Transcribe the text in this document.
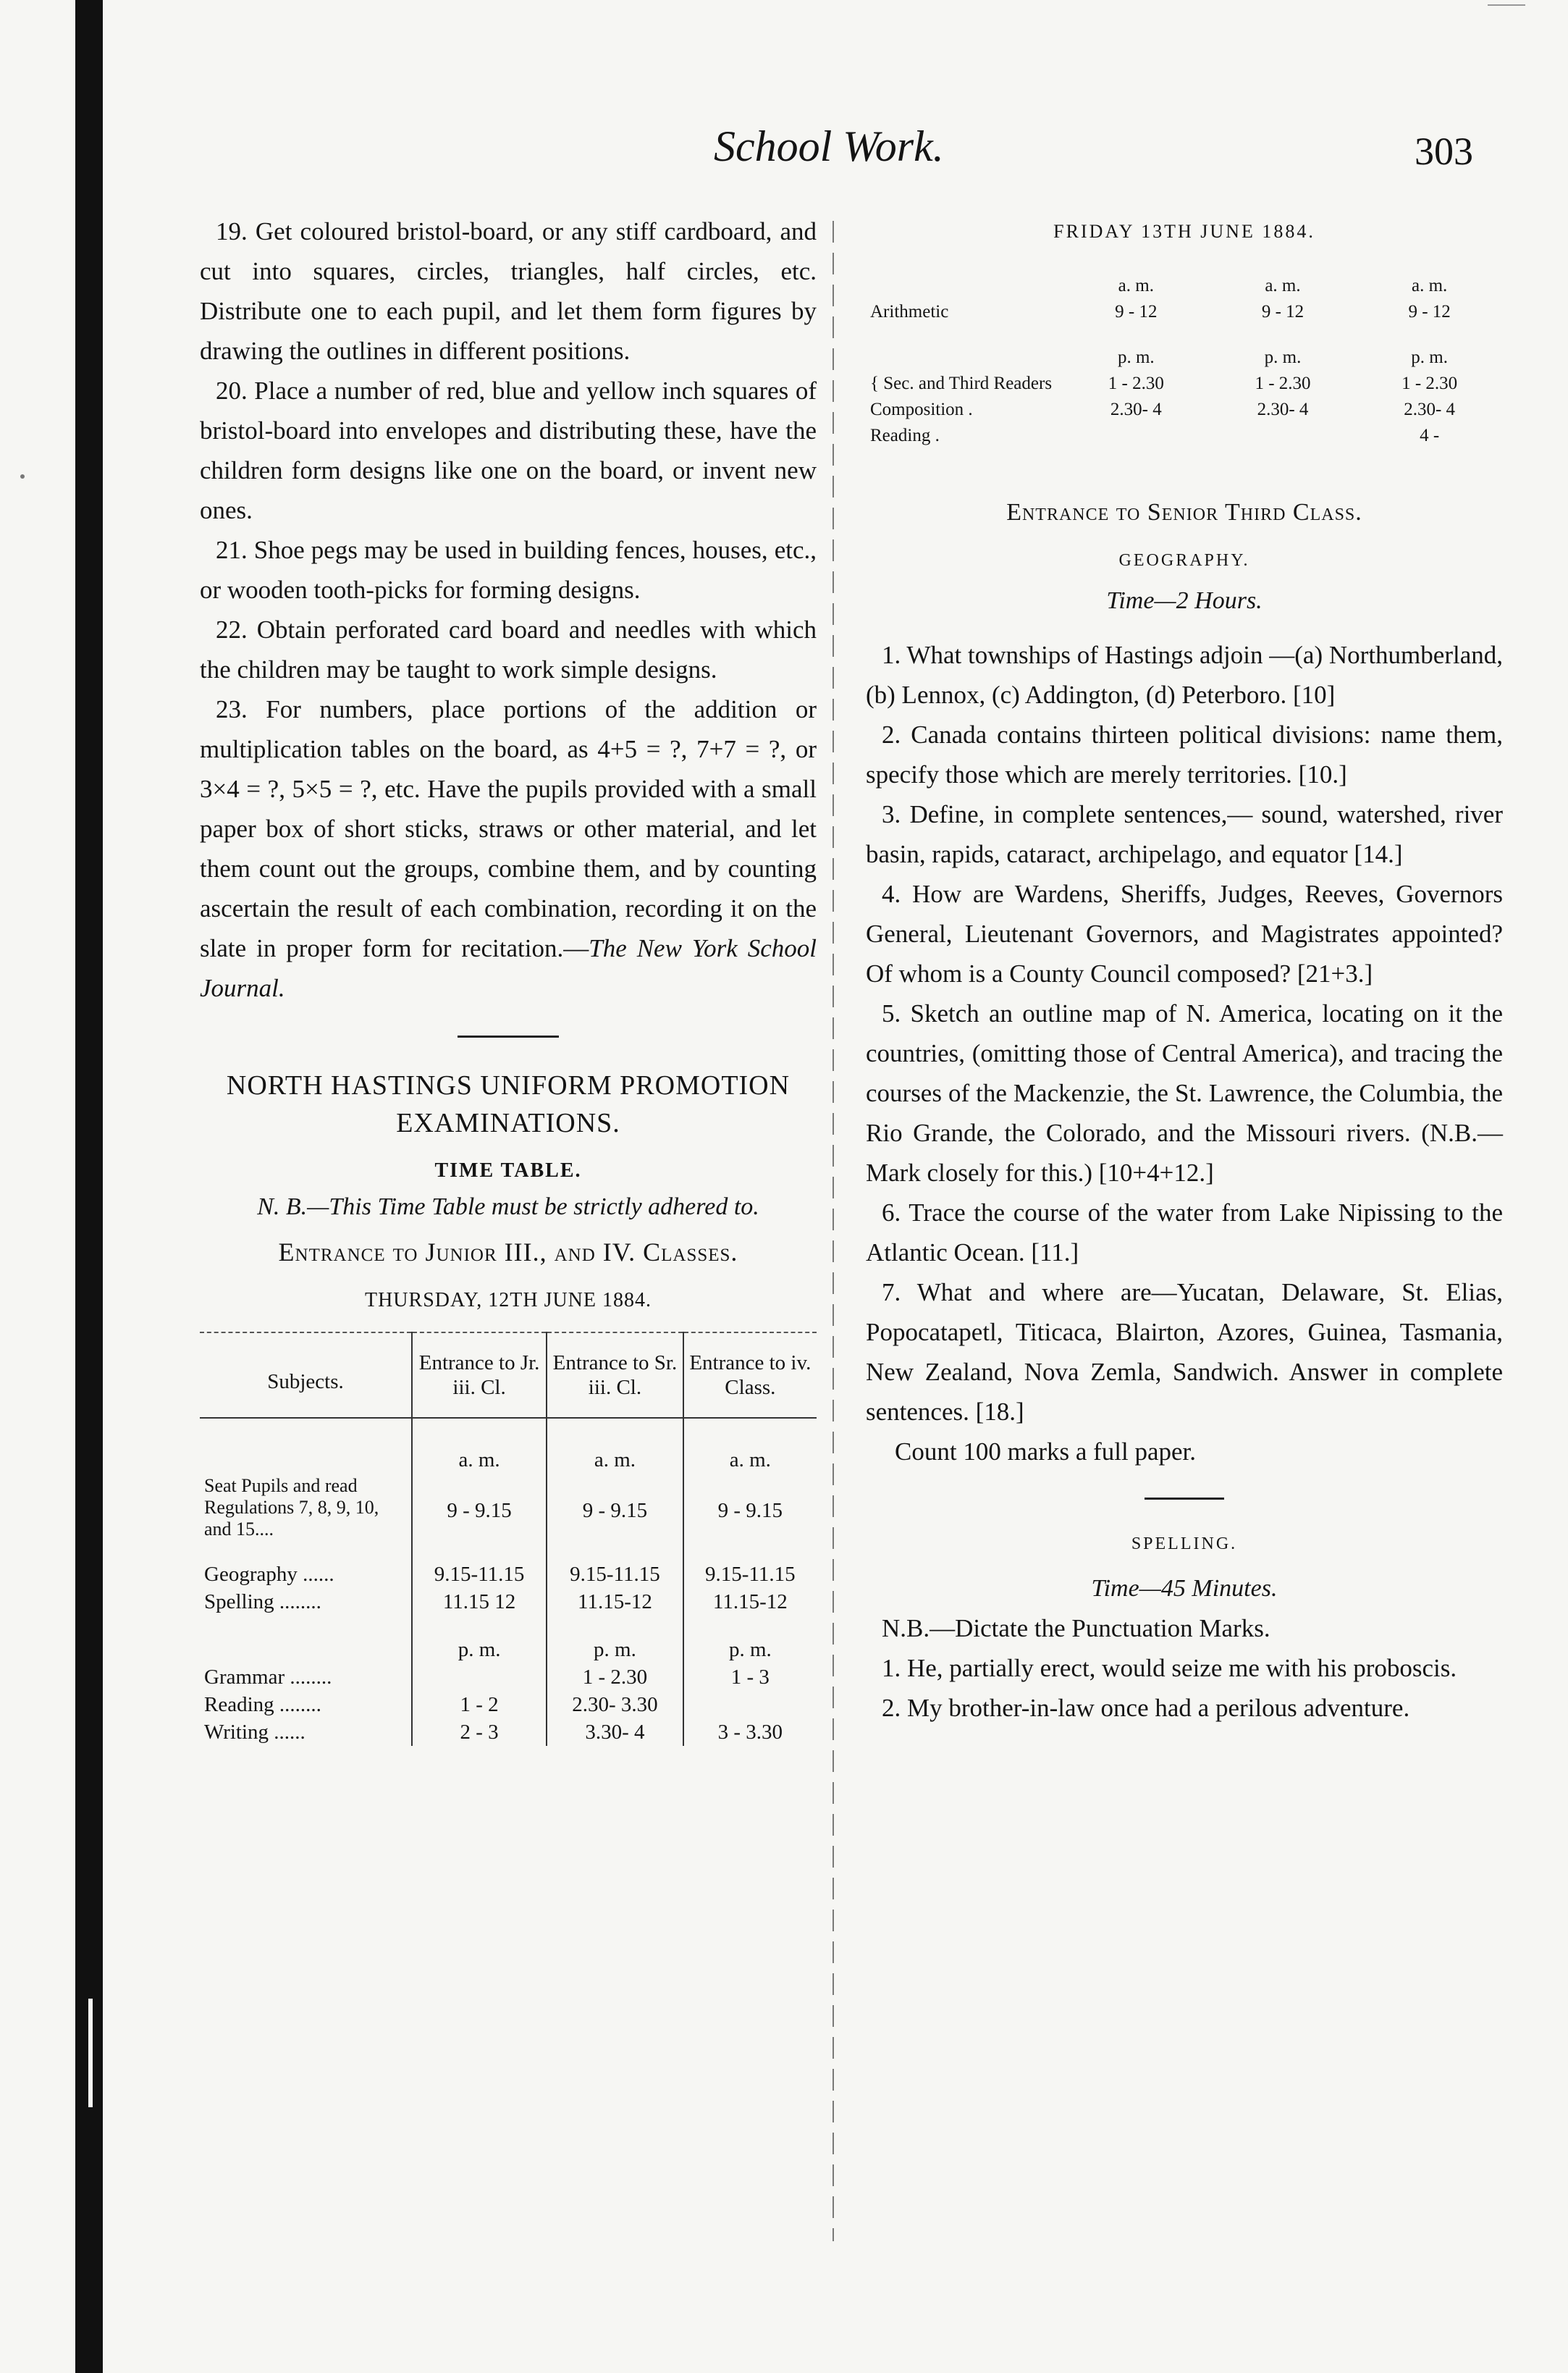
School Work.	303

19. Get coloured bristol-board, or any stiff cardboard, and cut into squares, circles, triangles, half circles, etc. Distribute one to each pupil, and let them form figures by drawing the outlines in different positions.

20. Place a number of red, blue and yellow inch squares of bristol-board into envelopes and distributing these, have the children form designs like one on the board, or invent new ones.

21. Shoe pegs may be used in building fences, houses, etc., or wooden tooth-picks for forming designs.

22. Obtain perforated card board and needles with which the children may be taught to work simple designs.

23. For numbers, place portions of the addition or multiplication tables on the board, as 4+5 = ?, 7+7 = ?, or 3×4 = ?, 5×5 = ?, etc. Have the pupils provided with a small paper box of short sticks, straws or other material, and let them count out the groups, combine them, and by counting ascertain the result of each combination, recording it on the slate in proper form for recitation.—The New York School Journal.

NORTH HASTINGS UNIFORM PROMOTION EXAMINATIONS.

TIME TABLE.

N. B.—This Time Table must be strictly adhered to.

Entrance to Junior III., and IV. Classes.

THURSDAY, 12TH JUNE 1884.

Subjects.	Entrance to Jr. iii. Cl.	Entrance to Sr. iii. Cl.	Entrance to iv. Class.
	a. m.	a. m.	a. m.
Seat Pupils and read Regulations 7, 8, 9, 10, and 15....	9 - 9.15	9 - 9.15	9 - 9.15
Geography ......	9.15-11.15	9.15-11.15	9.15-11.15
Spelling ........	11.15 12	11.15-12	11.15-12
	p. m.	p. m.	p. m.
Grammar ........		1 - 2.30	1 - 3
Reading ........	1 - 2	2.30- 3.30	
Writing ......	2 - 3	3.30- 4	3 - 3.30

FRIDAY 13TH JUNE 1884.

	a. m.	a. m.	a. m.
Arithmetic	9 - 12	9 - 12	9 - 12
	p. m.	p. m.	p. m.
{ Sec. and Third Readers	1 - 2.30	1 - 2.30	1 - 2.30
Composition .	2.30- 4	2.30- 4	2.30- 4
Reading .			4 -

Entrance to Senior Third Class.

GEOGRAPHY.

Time—2 Hours.

1. What townships of Hastings adjoin —(a) Northumberland, (b) Lennox, (c) Addington, (d) Peterboro. [10]

2. Canada contains thirteen political divisions: name them, specify those which are merely territories. [10.]

3. Define, in complete sentences,— sound, watershed, river basin, rapids, cataract, archipelago, and equator [14.]

4. How are Wardens, Sheriffs, Judges, Reeves, Governors General, Lieutenant Governors, and Magistrates appointed? Of whom is a County Council composed? [21+3.]

5. Sketch an outline map of N. America, locating on it the countries, (omitting those of Central America), and tracing the courses of the Mackenzie, the St. Lawrence, the Columbia, the Rio Grande, the Colorado, and the Missouri rivers. (N.B.—Mark closely for this.) [10+4+12.]

6. Trace the course of the water from Lake Nipissing to the Atlantic Ocean. [11.]

7. What and where are—Yucatan, Delaware, St. Elias, Popocatapetl, Titicaca, Blairton, Azores, Guinea, Tasmania, New Zealand, Nova Zemla, Sandwich. Answer in complete sentences. [18.]

Count 100 marks a full paper.

SPELLING.

Time—45 Minutes.

N.B.—Dictate the Punctuation Marks.

1. He, partially erect, would seize me with his proboscis.

2. My brother-in-law once had a perilous adventure.
